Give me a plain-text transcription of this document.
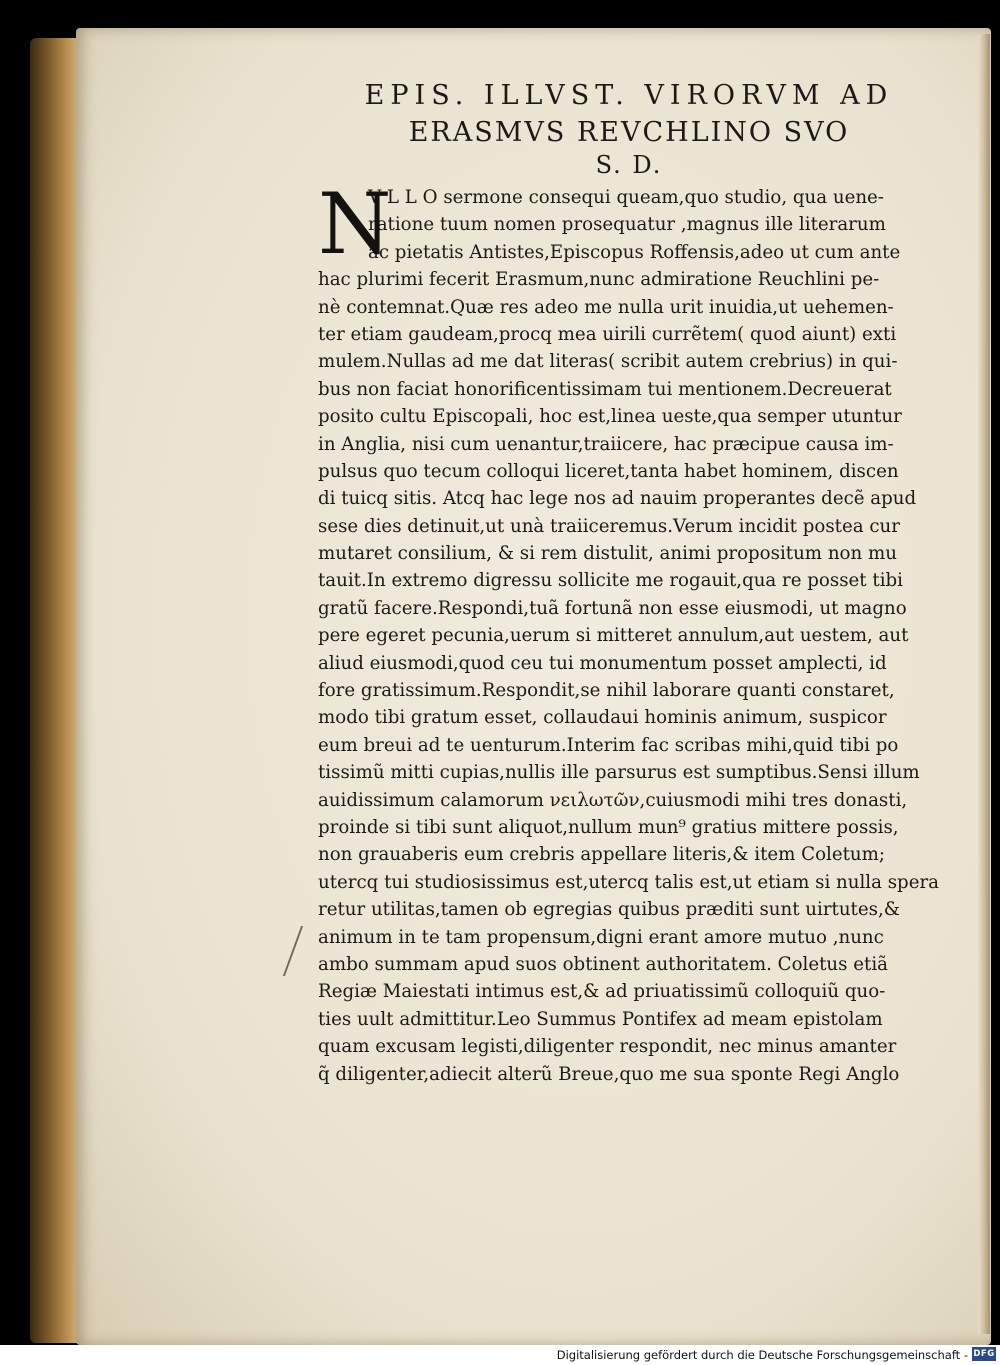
EPIS. ILLVST. VIRORVM AD
ERASMVS REVCHLINO SVO
S. D.
N
V L L O sermone consequi queam,quo studio, qua uene-
ratione tuum nomen prosequatur ,magnus ille literarum
ac pietatis Antistes,Episcopus Roffensis,adeo ut cum ante
hac plurimi fecerit Erasmum,nunc admiratione Reuchlini pe-
nè contemnat.Quæ res adeo me nulla urit inuidia,ut uehemen-
ter etiam gaudeam,procq mea uirili currẽtem( quod aiunt) exti
mulem.Nullas ad me dat literas( scribit autem crebrius) in qui-
bus non faciat honorificentissimam tui mentionem.Decreuerat
posito cultu Episcopali, hoc est,linea ueste,qua semper utuntur
in Anglia, nisi cum uenantur,traiicere, hac præcipue causa im-
pulsus quo tecum colloqui liceret,tanta habet hominem, discen
di tuicq sitis. Atcq hac lege nos ad nauim properantes decẽ apud
sese dies detinuit,ut unà traiiceremus.Verum incidit postea cur
mutaret consilium, & si rem distulit, animi propositum non mu
tauit.In extremo digressu sollicite me rogauit,qua re posset tibi
gratũ facere.Respondi,tuã fortunã non esse eiusmodi, ut magno
pere egeret pecunia,uerum si mitteret annulum,aut uestem, aut
aliud eiusmodi,quod ceu tui monumentum posset amplecti, id
fore gratissimum.Respondit,se nihil laborare quanti constaret,
modo tibi gratum esset, collaudaui hominis animum, suspicor
eum breui ad te uenturum.Interim fac scribas mihi,quid tibi po
tissimũ mitti cupias,nullis ille parsurus est sumptibus.Sensi illum
auidissimum calamorum νειλωτῶν,cuiusmodi mihi tres donasti,
proinde si tibi sunt aliquot,nullum mun⁹ gratius mittere possis,
non grauaberis eum crebris appellare literis,& item Coletum;
utercq tui studiosissimus est,utercq talis est,ut etiam si nulla spera
retur utilitas,tamen ob egregias quibus præditi sunt uirtutes,&
animum in te tam propensum,digni erant amore mutuo ,nunc
ambo summam apud suos obtinent authoritatem. Coletus etiã
Regiæ Maiestati intimus est,& ad priuatissimũ colloquiũ quo-
ties uult admittitur.Leo Summus Pontifex ad meam epistolam
quam excusam legisti,diligenter respondit, nec minus amanter
q̃ diligenter,adiecit alterũ Breue,quo me sua sponte Regi Anglo
Digitalisierung gefördert durch die Deutsche Forschungsgemeinschaft - DFG
